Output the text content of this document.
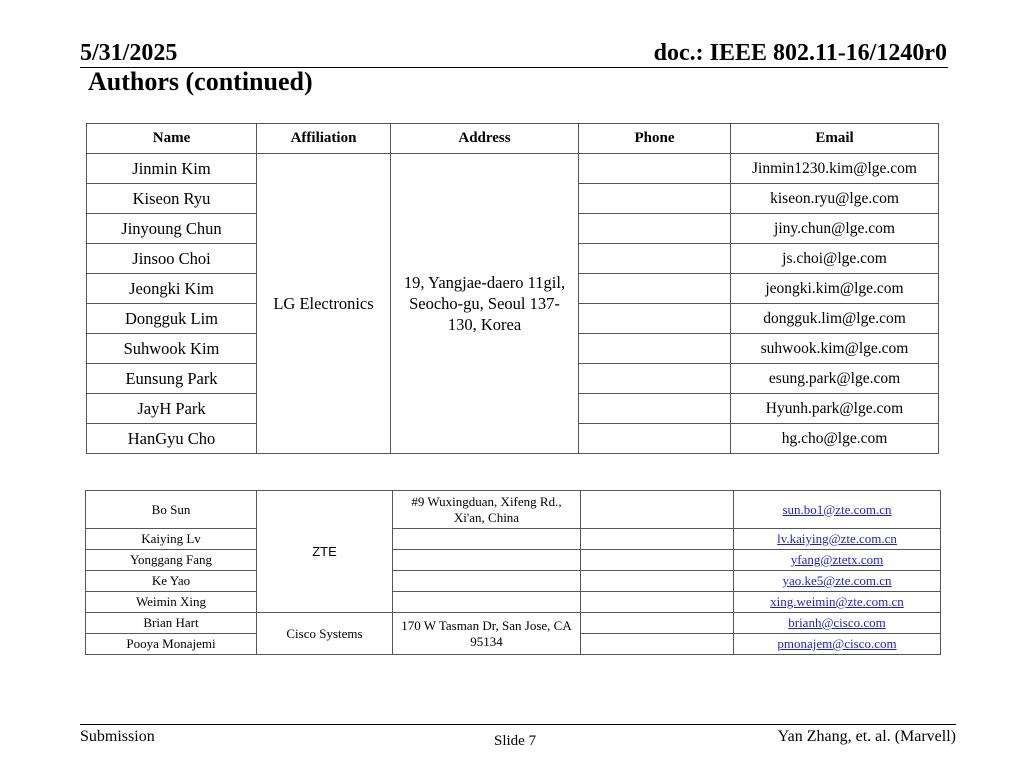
5/31/2025	doc.: IEEE 802.11-16/1240r0
Authors (continued)
Name	Affiliation	Address	Phone	Email
Jinmin Kim	LG Electronics	19, Yangjae-daero 11gil, Seocho-gu, Seoul 137-130, Korea		Jinmin1230.kim@lge.com
Kiseon Ryu				kiseon.ryu@lge.com
Jinyoung Chun				jiny.chun@lge.com
Jinsoo Choi				js.choi@lge.com
Jeongki Kim				jeongki.kim@lge.com
Dongguk Lim				dongguk.lim@lge.com
Suhwook Kim				suhwook.kim@lge.com
Eunsung Park				esung.park@lge.com
JayH Park				Hyunh.park@lge.com
HanGyu Cho				hg.cho@lge.com
Bo Sun	ZTE	#9 Wuxingduan, Xifeng Rd., Xi'an, China		sun.bo1@zte.com.cn
Kaiying Lv				lv.kaiying@zte.com.cn
Yonggang Fang				yfang@ztetx.com
Ke Yao				yao.ke5@zte.com.cn
Weimin Xing				xing.weimin@zte.com.cn
Brian Hart	Cisco Systems	170 W Tasman Dr, San Jose, CA 95134		brianh@cisco.com
Pooya Monajemi				pmonajem@cisco.com
Submission	Slide 7	Yan Zhang, et. al. (Marvell)
